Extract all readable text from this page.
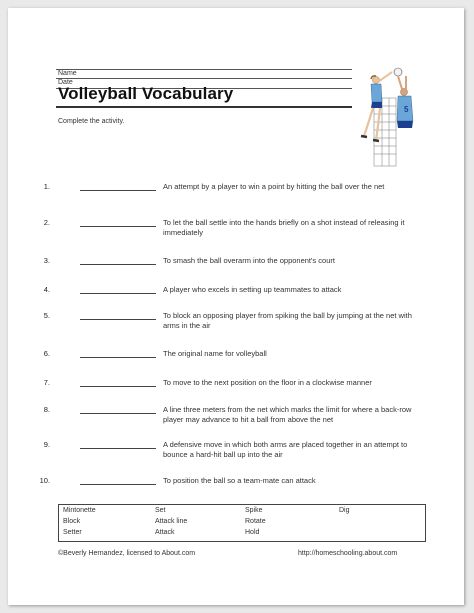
Name
Date
Volleyball Vocabulary
Complete the activity.
5
1.	An attempt by a player to win a point by hitting the ball over the net
2.	To let the ball settle into the hands briefly on a shot instead of releasing it immediately
3.	To smash the ball overarm into the opponent's court
4.	A player who excels in setting up teammates to attack
5.	To block an opposing player from spiking the ball by jumping at the net with arms in the air
6.	The original name for volleyball
7.	To move to the next position on the floor in a clockwise manner
8.	A line three meters from the net which marks the limit for where a back-row player may advance to hit a ball from above the net
9.	A defensive move in which both arms are placed together in an attempt to bounce a hard-hit ball up into the air
10.	To position the ball so a team-mate can attack
Mintonette	Set	Spike	Dig
Block	Attack line	Rotate
Setter	Attack	Hold
©Beverly Hernandez, licensed to About.com	http://homeschooling.about.com
